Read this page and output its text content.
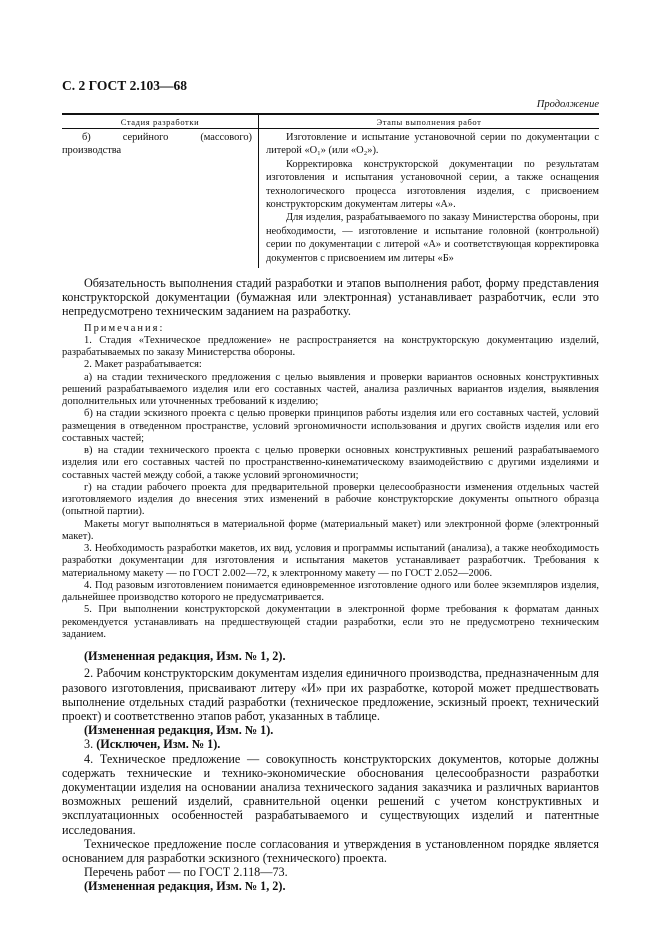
С. 2 ГОСТ 2.103—68
Продолжение
Стадия разработки	Этапы выполнения работ

б) серийного (массового) производства	Изготовление и испытание установочной серии по документации с литерой «О₁» (или «О₂»).

Корректировка конструкторской документации по результатам изготовления и испытания установочной серии, а также оснащения технологического процесса изготовления изделия, с присвоением конструкторским документам литеры «А».

Для изделия, разрабатываемого по заказу Министерства обороны, при необходимости, — изготовление и испытание головной (контрольной) серии по документации с литерой «А» и соответствующая корректировка документов с присвоением им литеры «Б»

Обязательность выполнения стадий разработки и этапов выполнения работ, форму представления конструкторской документации (бумажная или электронная) устанавливает разработчик, если это непредусмотрено техническим заданием на разработку.

Примечания:

1. Стадия «Техническое предложение» не распространяется на конструкторскую документацию изделий, разрабатываемых по заказу Министерства обороны.

2. Макет разрабатывается:

а) на стадии технического предложения с целью выявления и проверки вариантов основных конструктивных решений разрабатываемого изделия или его составных частей, анализа различных вариантов изделия, выявления дополнительных или уточненных требований к изделию;

б) на стадии эскизного проекта с целью проверки принципов работы изделия или его составных частей, условий размещения в отведенном пространстве, условий эргономичности использования и других свойств изделия или его составных частей;

в) на стадии технического проекта с целью проверки основных конструктивных решений разрабатываемого изделия или его составных частей по пространственно-кинематическому взаимодействию с другими изделиями и составных частей между собой, а также условий эргономичности;

г) на стадии рабочего проекта для предварительной проверки целесообразности изменения отдельных частей изготовляемого изделия до внесения этих изменений в рабочие конструкторские документы опытного образца (опытной партии).

Макеты могут выполняться в материальной форме (материальный макет) или электронной форме (электронный макет).

3. Необходимость разработки макетов, их вид, условия и программы испытаний (анализа), а также необходимость разработки документации для изготовления и испытания макетов устанавливает разработчик. Требования к материальному макету — по ГОСТ 2.002—72, к электронному макету — по ГОСТ 2.052—2006.

4. Под разовым изготовлением понимается единовременное изготовление одного или более экземпляров изделия, дальнейшее производство которого не предусматривается.

5. При выполнении конструкторской документации в электронной форме требования к форматам данных рекомендуется устанавливать на предшествующей стадии разработки, если это не предусмотрено техническим заданием.

(Измененная редакция, Изм. № 1, 2).

2. Рабочим конструкторским документам изделия единичного производства, предназначенным для разового изготовления, присваивают литеру «И» при их разработке, которой может предшествовать выполнение отдельных стадий разработки (техническое предложение, эскизный проект, технический проект) и соответственно этапов работ, указанных в таблице.

(Измененная редакция, Изм. № 1).

3. (Исключен, Изм. № 1).

4. Техническое предложение — совокупность конструкторских документов, которые должны содержать технические и технико-экономические обоснования целесообразности разработки документации изделия на основании анализа технического задания заказчика и различных вариантов возможных решений изделий, сравнительной оценки решений с учетом конструктивных и эксплуатационных особенностей разрабатываемого и существующих изделий и патентные исследования.

Техническое предложение после согласования и утверждения в установленном порядке является основанием для разработки эскизного (технического) проекта.

Перечень работ — по ГОСТ 2.118—73.

(Измененная редакция, Изм. № 1, 2).
